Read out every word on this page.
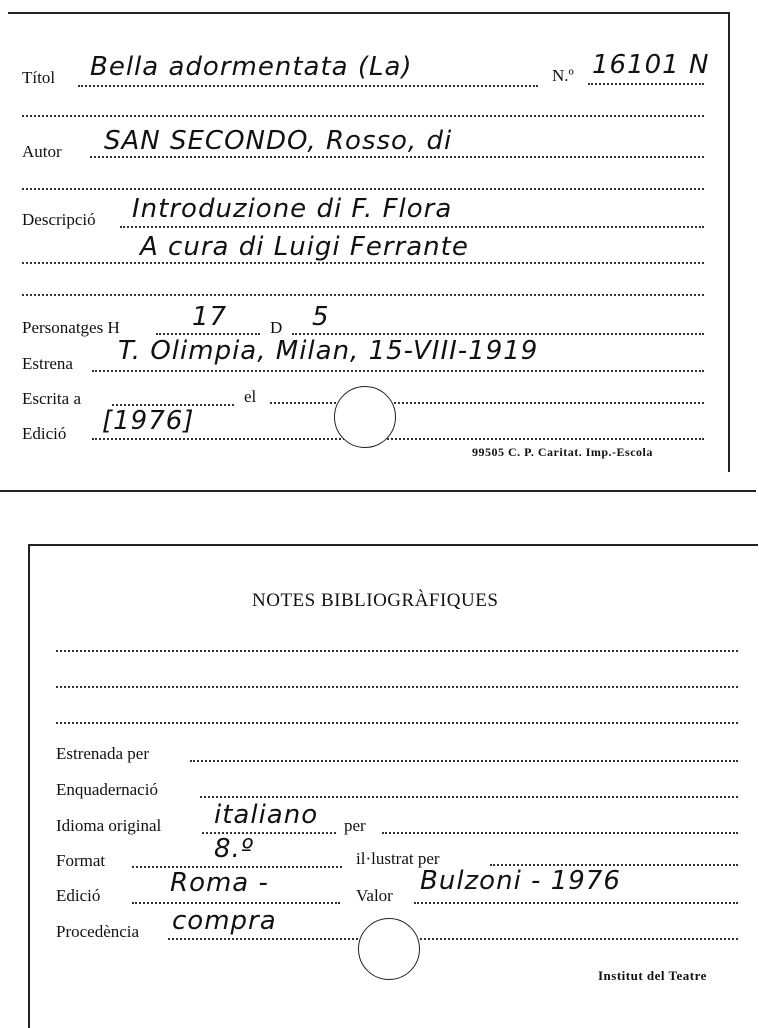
Títol Bella adormentata (La)	N.º 16101 N
Autor SAN SECONDO, Rosso, di
Descripció Introduzione di F. Flora
A cura di Luigi Ferrante
Personatges H	17	D 5
Estrena T. Olimpia, Milan, 15-VIII-1919
Escrita a	el
Edició [1976]
99505 C. P. Caritat. Imp.-Escola
NOTES BIBLIOGRÀFIQUES
Estrenada per
Enquadernació
Idioma original italiano per
Format	8.º	il·lustrat per
Edició	Roma -	Valor Bulzoni - 1976
Procedència compra
Institut del Teatre
